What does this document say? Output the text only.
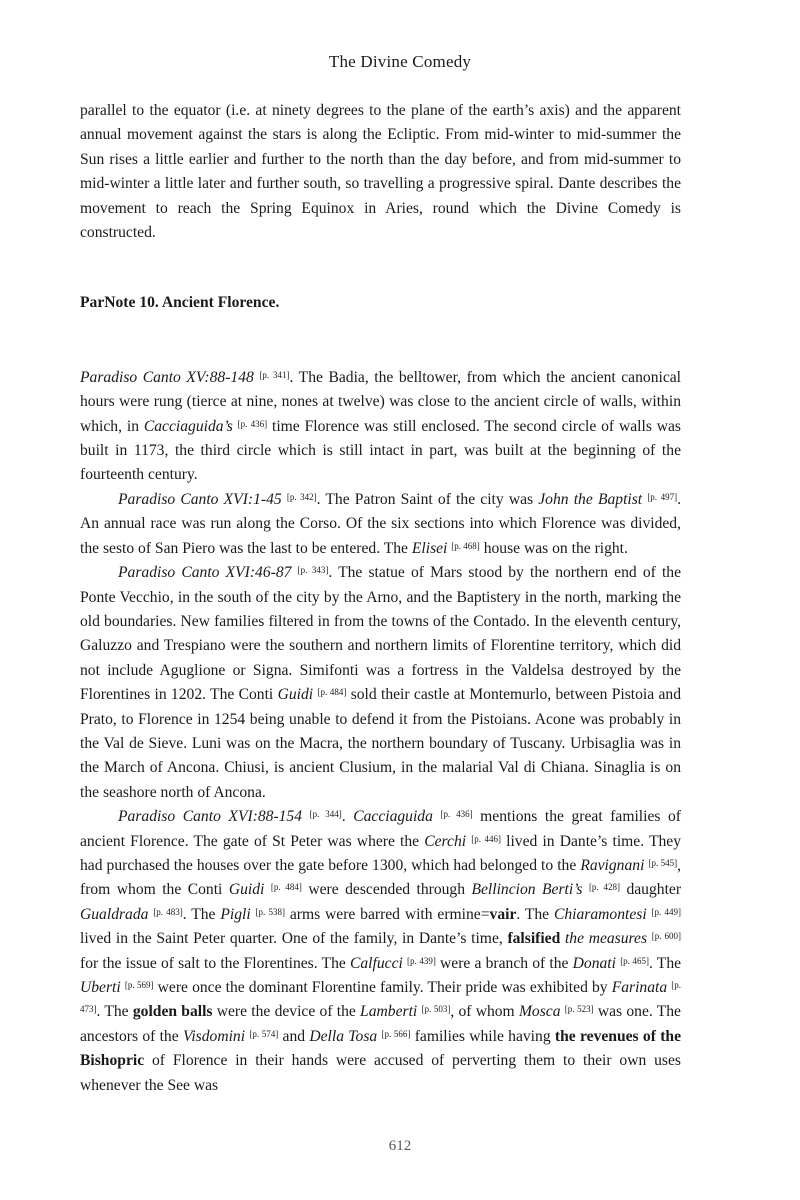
The Divine Comedy

parallel to the equator (i.e. at ninety degrees to the plane of the earth’s axis) and the apparent annual movement against the stars is along the Ecliptic. From mid-winter to mid-summer the Sun rises a little earlier and further to the north than the day before, and from mid-summer to mid-winter a little later and further south, so travelling a progressive spiral. Dante describes the movement to reach the Spring Equinox in Aries, round which the Divine Comedy is constructed.

ParNote 10. Ancient Florence.

Paradiso Canto XV:88-148 [p. 341]. The Badia, the belltower, from which the ancient canonical hours were rung (tierce at nine, nones at twelve) was close to the ancient circle of walls, within which, in Cacciaguida’s [p. 436] time Florence was still enclosed. The second circle of walls was built in 1173, the third circle which is still intact in part, was built at the beginning of the fourteenth century.

Paradiso Canto XVI:1-45 [p. 342]. The Patron Saint of the city was John the Baptist [p. 497]. An annual race was run along the Corso. Of the six sections into which Florence was divided, the sesto of San Piero was the last to be entered. The Elisei [p. 468] house was on the right.

Paradiso Canto XVI:46-87 [p. 343]. The statue of Mars stood by the northern end of the Ponte Vecchio, in the south of the city by the Arno, and the Baptistery in the north, marking the old boundaries. New families filtered in from the towns of the Contado. In the eleventh century, Galuzzo and Trespiano were the southern and northern limits of Florentine territory, which did not include Aguglione or Signa. Simifonti was a fortress in the Valdelsa destroyed by the Florentines in 1202. The Conti Guidi [p. 484] sold their castle at Montemurlo, between Pistoia and Prato, to Florence in 1254 being unable to defend it from the Pistoians. Acone was probably in the Val de Sieve. Luni was on the Macra, the northern boundary of Tuscany. Urbisaglia was in the March of Ancona. Chiusi, is ancient Clusium, in the malarial Val di Chiana. Sinaglia is on the seashore north of Ancona.

Paradiso Canto XVI:88-154 [p. 344]. Cacciaguida [p. 436] mentions the great families of ancient Florence. The gate of St Peter was where the Cerchi [p. 446] lived in Dante’s time. They had purchased the houses over the gate before 1300, which had belonged to the Ravignani [p. 545], from whom the Conti Guidi [p. 484] were descended through Bellincion Berti’s [p. 428] daughter Gualdrada [p. 483]. The Pigli [p. 538] arms were barred with ermine=vair. The Chiaramontesi [p. 449] lived in the Saint Peter quarter. One of the family, in Dante’s time, falsified the measures [p. 600] for the issue of salt to the Florentines. The Calfucci [p. 439] were a branch of the Donati [p. 465]. The Uberti [p. 569] were once the dominant Florentine family. Their pride was exhibited by Farinata [p. 473]. The golden balls were the device of the Lamberti [p. 503], of whom Mosca [p. 523] was one. The ancestors of the Visdomini [p. 574] and Della Tosa [p. 566] families while having the revenues of the Bishopric of Florence in their hands were accused of perverting them to their own uses whenever the See was

612
